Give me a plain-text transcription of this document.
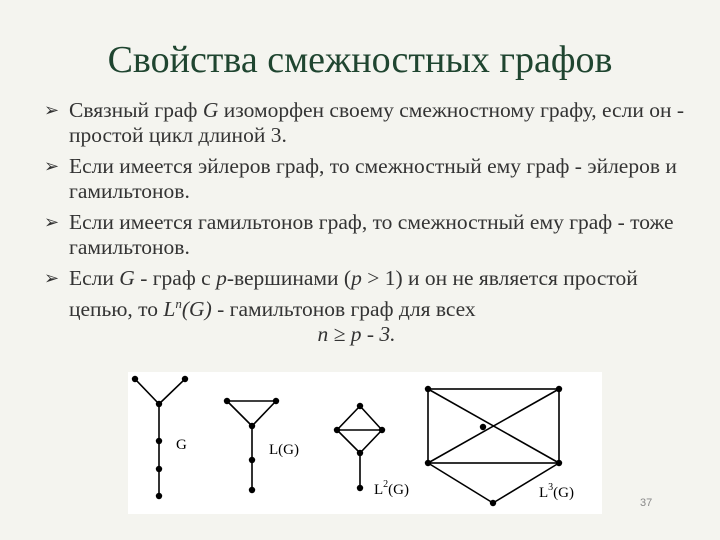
Свойства смежностных графов
➢ Связный граф G изоморфен своему смежностному графу, если он - простой цикл длиной 3.
➢ Если имеется эйлеров граф, то смежностный ему граф - эйлеров и гамильтонов.
➢ Если имеется гамильтонов граф, то смежностный ему граф - тоже гамильтонов.
➢ Если G - граф с p-вершинами (p > 1) и он не является простой цепью, то $L^n(G)$ - гамильтонов граф для всех
n ≥ p - 3.
G	L(G)
$L^2(G)$	$L^3(G)$
37
